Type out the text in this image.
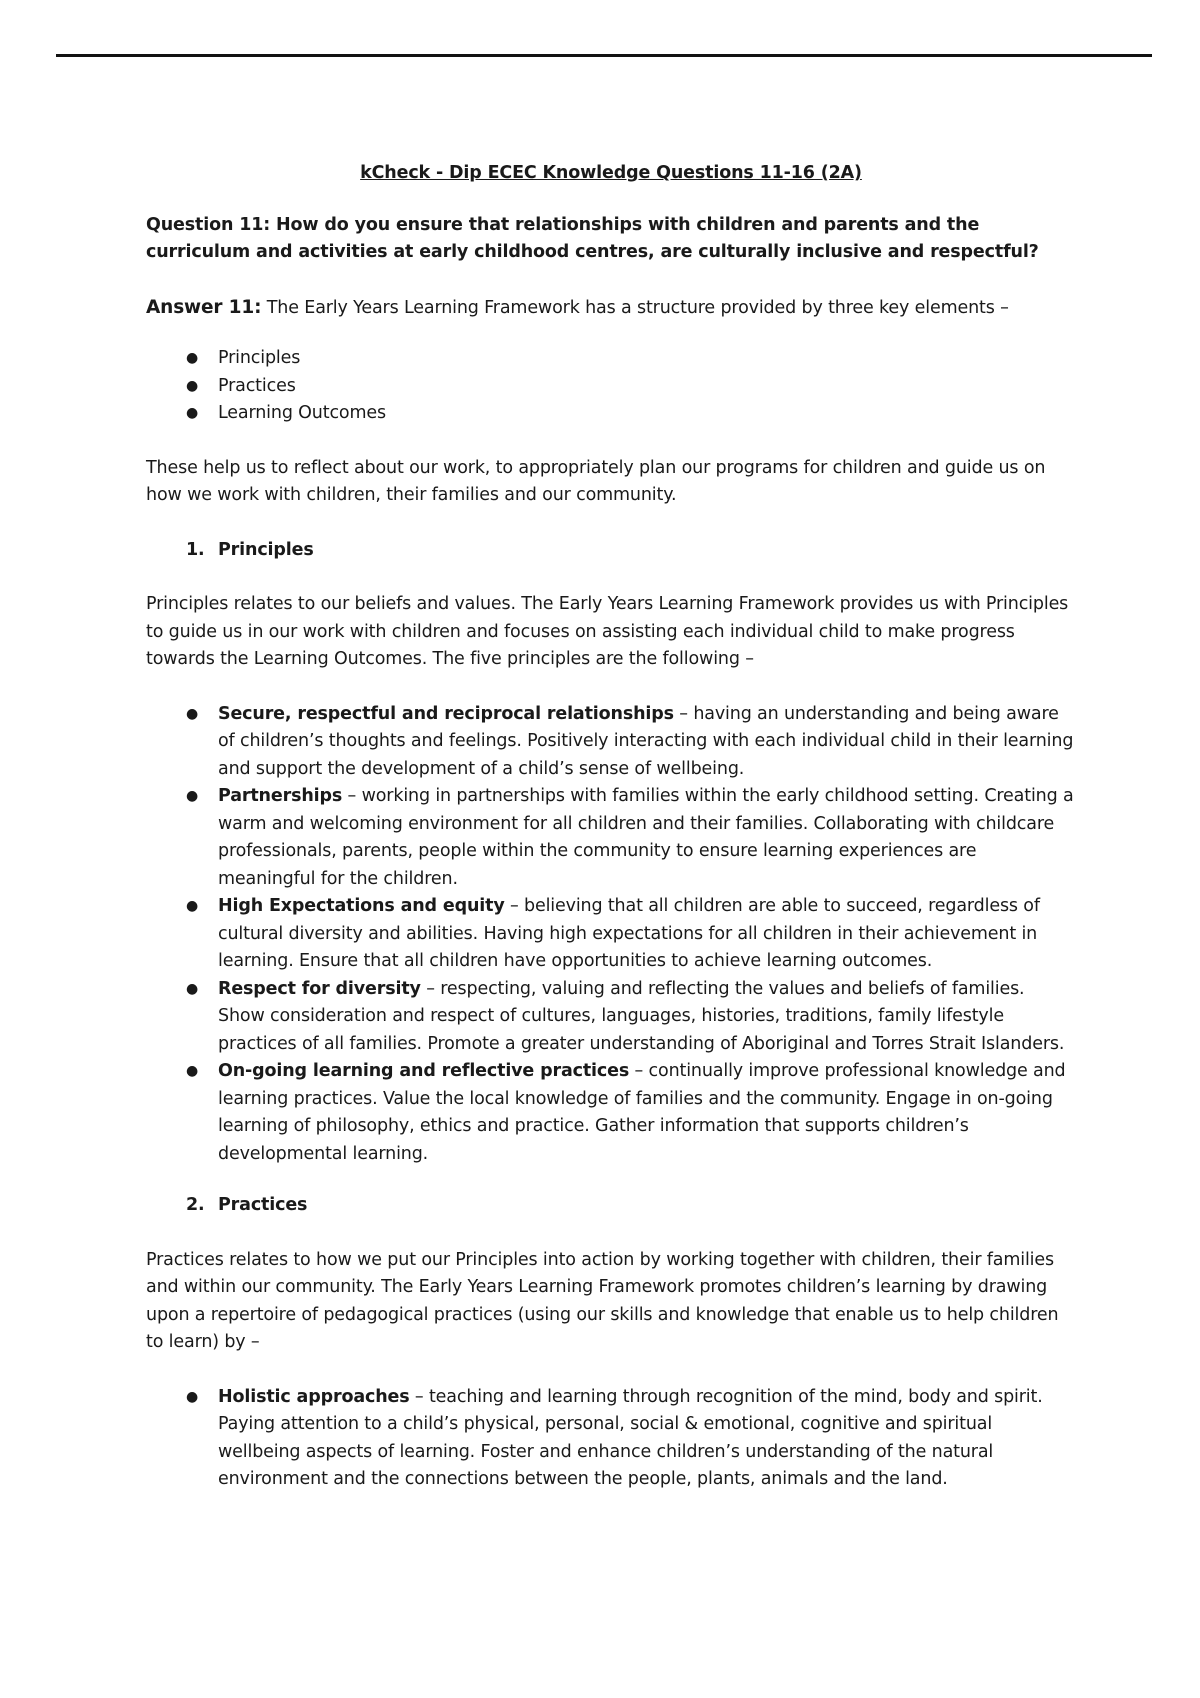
kCheck - Dip ECEC Knowledge Questions 11-16 (2A)

Question 11: How do you ensure that relationships with children and parents and the curriculum and activities at early childhood centres, are culturally inclusive and respectful?

Answer 11: The Early Years Learning Framework has a structure provided by three key elements –

● Principles
● Practices
● Learning Outcomes

These help us to reflect about our work, to appropriately plan our programs for children and guide us on how we work with children, their families and our community.

1. Principles

Principles relates to our beliefs and values. The Early Years Learning Framework provides us with Principles to guide us in our work with children and focuses on assisting each individual child to make progress towards the Learning Outcomes. The five principles are the following –

● Secure, respectful and reciprocal relationships – having an understanding and being aware of children’s thoughts and feelings. Positively interacting with each individual child in their learning and support the development of a child’s sense of wellbeing.
● Partnerships – working in partnerships with families within the early childhood setting. Creating a warm and welcoming environment for all children and their families. Collaborating with childcare professionals, parents, people within the community to ensure learning experiences are meaningful for the children.
● High Expectations and equity – believing that all children are able to succeed, regardless of cultural diversity and abilities. Having high expectations for all children in their achievement in learning. Ensure that all children have opportunities to achieve learning outcomes.
● Respect for diversity – respecting, valuing and reflecting the values and beliefs of families. Show consideration and respect of cultures, languages, histories, traditions, family lifestyle practices of all families. Promote a greater understanding of Aboriginal and Torres Strait Islanders.
● On-going learning and reflective practices – continually improve professional knowledge and learning practices. Value the local knowledge of families and the community. Engage in on-going learning of philosophy, ethics and practice. Gather information that supports children’s developmental learning.

2. Practices

Practices relates to how we put our Principles into action by working together with children, their families and within our community. The Early Years Learning Framework promotes children’s learning by drawing upon a repertoire of pedagogical practices (using our skills and knowledge that enable us to help children to learn) by –

● Holistic approaches – teaching and learning through recognition of the mind, body and spirit. Paying attention to a child’s physical, personal, social & emotional, cognitive and spiritual wellbeing aspects of learning. Foster and enhance children’s understanding of the natural environment and the connections between the people, plants, animals and the land.
